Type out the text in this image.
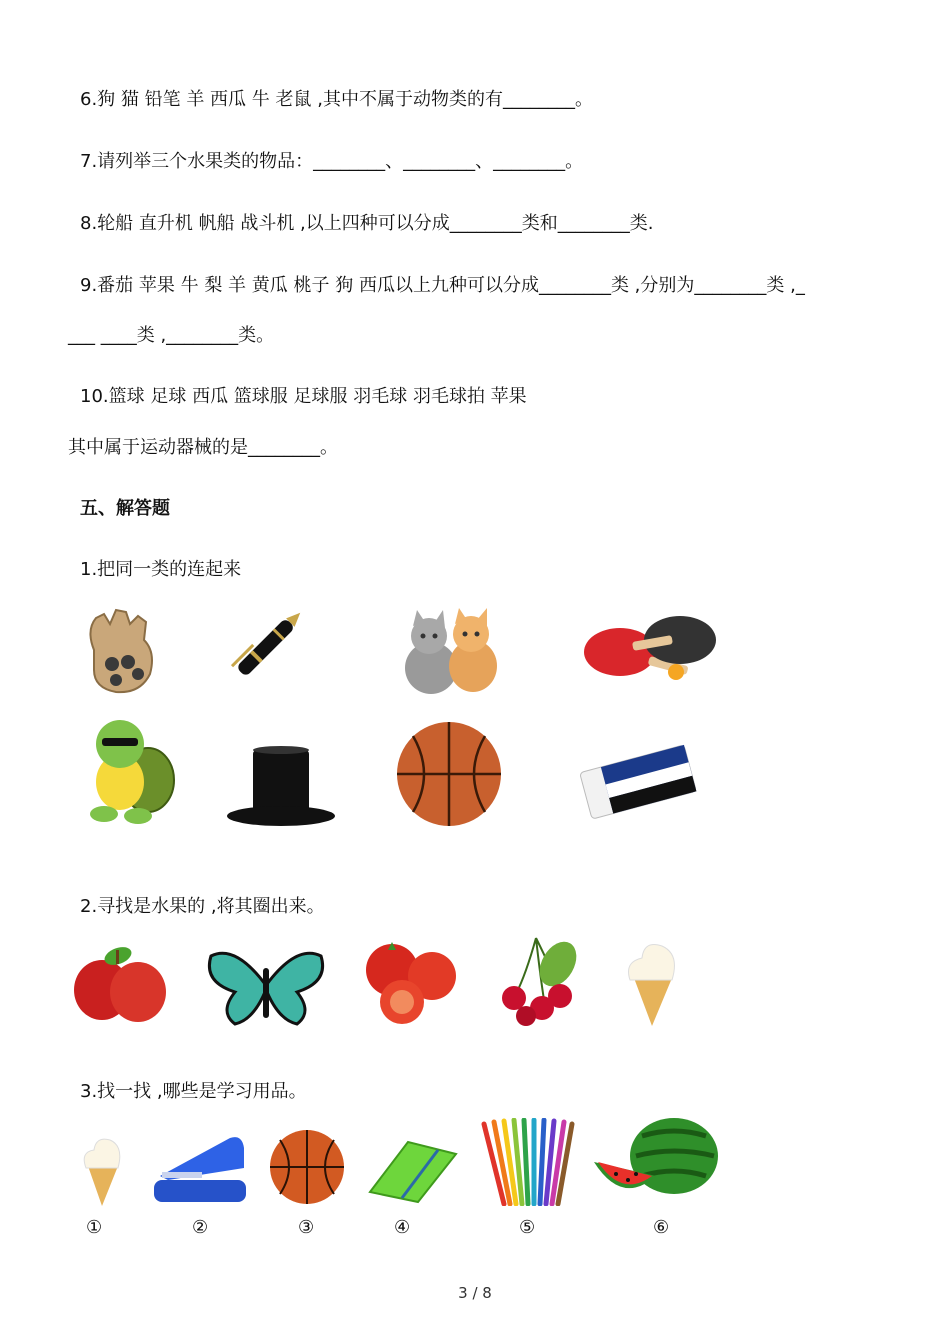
6.狗 猫 铅笔 羊 西瓜 牛 老鼠 ,其中不属于动物类的有________。
7.请列举三个水果类的物品：________、________、________。
8.轮船 直升机 帆船 战斗机 ,以上四种可以分成________类和________类.
9.番茄 苹果 牛 梨 羊 黄瓜 桃子 狗 西瓜以上九种可以分成________类 ,分别为________类 ,_
___ ____类 ,________类。
10.篮球 足球 西瓜 篮球服 足球服 羽毛球 羽毛球拍 苹果
其中属于运动器械的是________。
五、解答题
1.把同一类的连起来
2.寻找是水果的 ,将其圈出来。
3.找一找 ,哪些是学习用品。
①	②	③	④	⑤	⑥
3 / 8
